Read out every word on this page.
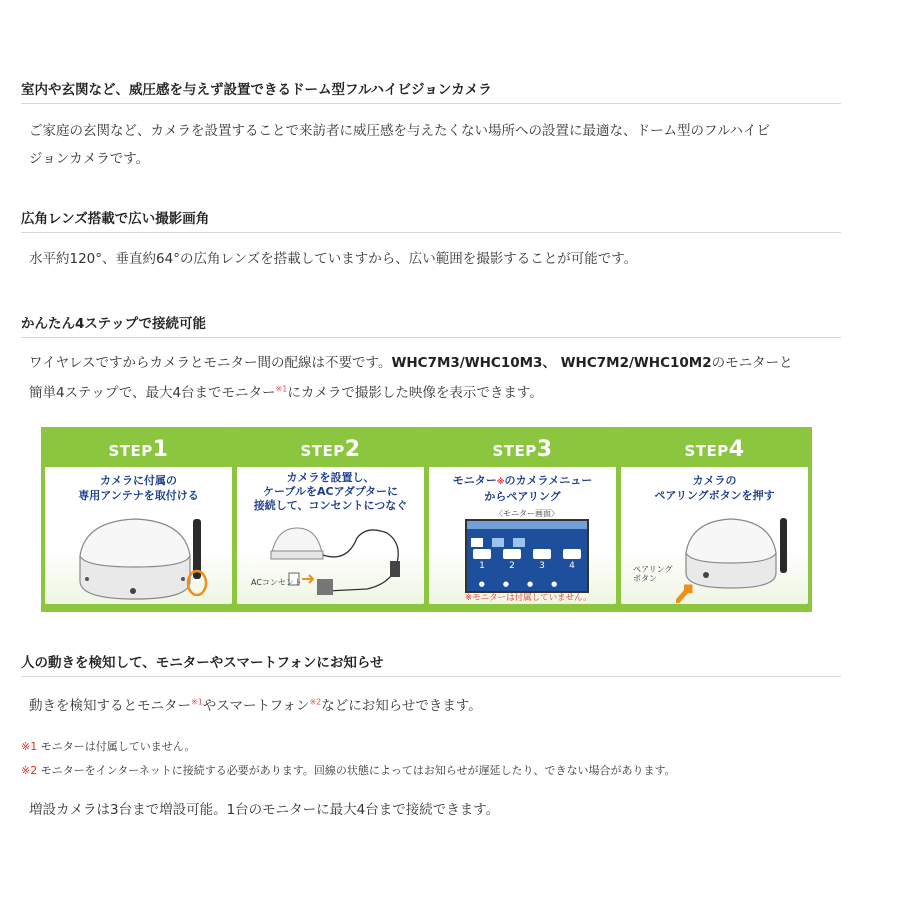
室内や玄関など、威圧感を与えず設置できるドーム型フルハイビジョンカメラ
ご家庭の玄関など、カメラを設置することで来訪者に威圧感を与えたくない場所への設置に最適な、ドーム型のフルハイビ
ジョンカメラです。
広角レンズ搭載で広い撮影画角
水平約120°、垂直約64°の広角レンズを搭載していますから、広い範囲を撮影することが可能です。
かんたん4ステップで接続可能
ワイヤレスですからカメラとモニター間の配線は不要です。WHC7M3/WHC10M3、 WHC7M2/WHC10M2のモニターと
簡単4ステップで、最大4台までモニター$^{※1}$にカメラで撮影した映像を表示できます。
STEP1
カメラに付属の
専用アンテナを取付ける
STEP2
カメラを設置し、
ケーブルをACアダプターに
接続して、コンセントにつなぐ
ACコンセント
STEP3
モニター※のカメラメニュー
からペアリング
〈モニター画面〉

1	2	3	4
●●●●
※モニターは付属していません。
STEP4
カメラの
ペアリングボタンを押す
ペアリング
ボタン
人の動きを検知して、モニターやスマートフォンにお知らせ
動きを検知するとモニター$^{※1}$やスマートフォン$^{※2}$などにお知らせできます。
※1 モニターは付属していません。
※2 モニターをインターネットに接続する必要があります。回線の状態によってはお知らせが遅延したり、できない場合があります。
増設カメラは3台まで増設可能。1台のモニターに最大4台まで接続できます。
